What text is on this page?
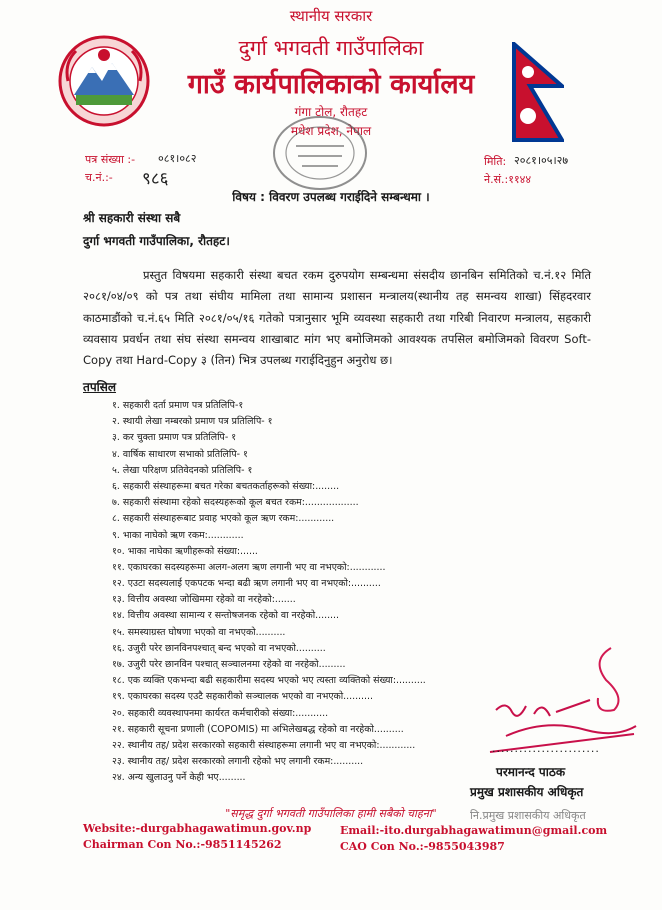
स्थानीय सरकार
दुर्गा भगवती गाउँपालिका
गाउँ कार्यपालिकाको कार्यालय
गंगा टोल, रौतहट
मधेश प्रदेश, नेपाल
पत्र संख्या :- ०८१।०८२
च.नं.:- ९८६
मिति: २०८१।०५।२७
ने.सं.:११४४
विषय : विवरण उपलब्ध गराईदिने सम्बन्धमा ।
श्री सहकारी संस्था सबै
दुर्गा भगवती गाउँपालिका, रौतहट।
प्रस्तुत विषयमा सहकारी संस्था बचत रकम दुरुपयोग सम्बन्धमा संसदीय छानबिन समितिको च.नं.१२ मिति २०८१/०४/०९ को पत्र तथा संघीय मामिला तथा सामान्य प्रशासन मन्त्रालय(स्थानीय तह समन्वय शाखा) सिंहदरवार काठमाडौंको च.नं.६५ मिति २०८१/०५/१६ गतेको पत्रानुसार भूमि व्यवस्था सहकारी तथा गरिबी निवारण मन्त्रालय, सहकारी व्यवसाय प्रवर्धन तथा संघ संस्था समन्वय शाखाबाट मांग भए बमोजिमको आवश्यक तपसिल बमोजिमको विवरण Soft-Copy तथा Hard-Copy ३ (तिन) भित्र उपलब्ध गराईदिनुहुन अनुरोध छ।
तपसिल
१. सहकारी दर्ता प्रमाण पत्र प्रतिलिपि-१
२. स्थायी लेखा नम्बरको प्रमाण पत्र प्रतिलिपि- १
३. कर चुक्ता प्रमाण पत्र प्रतिलिपि- १
४. वार्षिक साधारण सभाको प्रतिलिपि- १
५. लेखा परिक्षण प्रतिवेदनको प्रतिलिपि- १
६. सहकारी संस्थाहरूमा बचत गरेका बचतकर्ताहरूको संख्या:........
७. सहकारी संस्थामा रहेको सदस्यहरूको कूल बचत रकम:..................
८. सहकारी संस्थाहरूबाट प्रवाह भएको कूल ऋण रकम:............
९. भाका नाघेको ऋण रकम:............
१०. भाका नाघेका ऋणीहरूको संख्या:......
११. एकाघरका सदस्यहरूमा अलग-अलग ऋण लगानी भए वा नभएको:............
१२. एउटा सदस्यलाई एकपटक भन्दा बढी ऋण लगानी भए वा नभएको:..........
१३. वित्तीय अवस्था जोखिममा रहेको वा नरहेको:.......
१४. वित्तीय अवस्था सामान्य र सन्तोषजनक रहेको वा नरहेको........
१५. समस्याग्रस्त घोषणा भएको वा नभएको..........
१६. उजुरी परेर छानविनपश्चात् बन्द भएको वा नभएको..........
१७. उजुरी परेर छानविन पश्चात् सञ्चालनमा रहेको वा नरहेको.........
१८. एक व्यक्ति एकभन्दा बढी सहकारीमा सदस्य भएको भए त्यस्ता व्यक्तिको संख्या:..........
१९. एकाघरका सदस्य एउटै सहकारीको सञ्चालक भएको वा नभएको..........
२०. सहकारी व्यवस्थापनमा कार्यरत कर्मचारीको संख्या:...........
२१. सहकारी सूचना प्रणाली (COPOMIS) मा अभिलेखबद्ध रहेको वा नरहेको..........
२२. स्थानीय तह/ प्रदेश सरकारको सहकारी संस्थाहरूमा लगानी भए वा नभएको:............
२३. स्थानीय तह/ प्रदेश सरकारको लगानी रहेको भए लगानी रकम:..........
२४. अन्य खुलाउनु पर्ने केही भए.........
........................
परमानन्द पाठक
प्रमुख प्रशासकीय अधिकृत
"समृद्ध दुर्गा भगवती गाउँपालिका हामी सबैको चाहना"	नि.प्रमुख प्रशासकीय अधिकृत
Website:-durgabhagawatimun.gov.np
Chairman Con No.:-9851145262
Email:-ito.durgabhagawatimun@gmail.com
CAO Con No.:-9855043987
